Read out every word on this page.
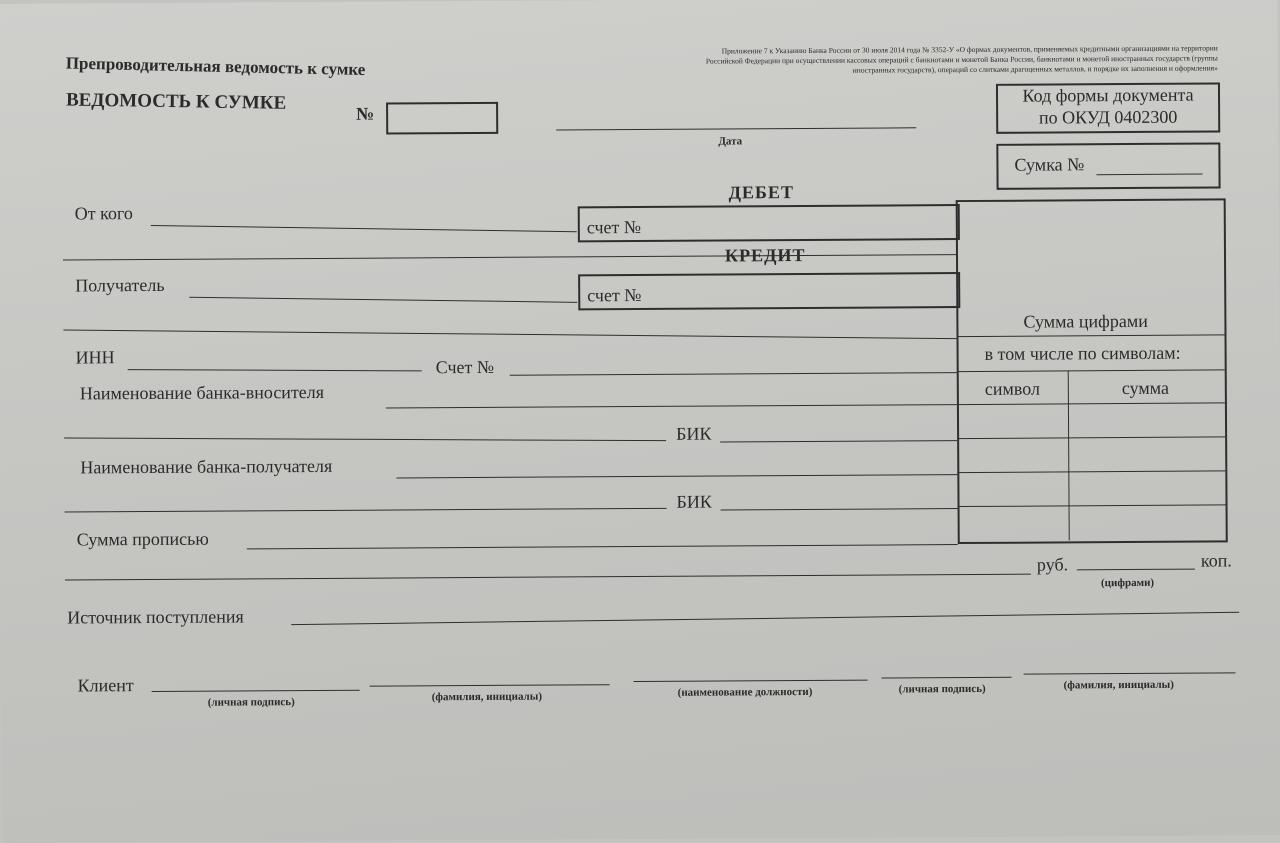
Препроводительная ведомость к сумке
ВЕДОМОСТЬ К СУМКЕ	№
Дата
Приложение 7 к Указанию Банка России от 30 июля 2014 года № 3352-У «О формах документов, применяемых кредитными организациями на территории Российской Федерации при осуществлении кассовых операций с банкнотами и монетой Банка России, банкнотами и монетой иностранных государств (группы иностранных государств), операций со слитками драгоценных металлов, и порядке их заполнения и оформления»
Код формы документа
по ОКУД 0402300
Сумка №
ДЕБЕТ
КРЕДИТ
счет №
счет №
Сумма цифрами
в том числе по символам:
символ	сумма
От кого
Получатель
ИНН	Счет №
Наименование банка-вносителя
БИК
Наименование банка-получателя
БИК
Сумма прописью
руб.	коп.
(цифрами)
Источник поступления
Клиент
(личная подпись)	(фамилия, инициалы)	(наименование должности)	(личная подпись)	(фамилия, инициалы)
